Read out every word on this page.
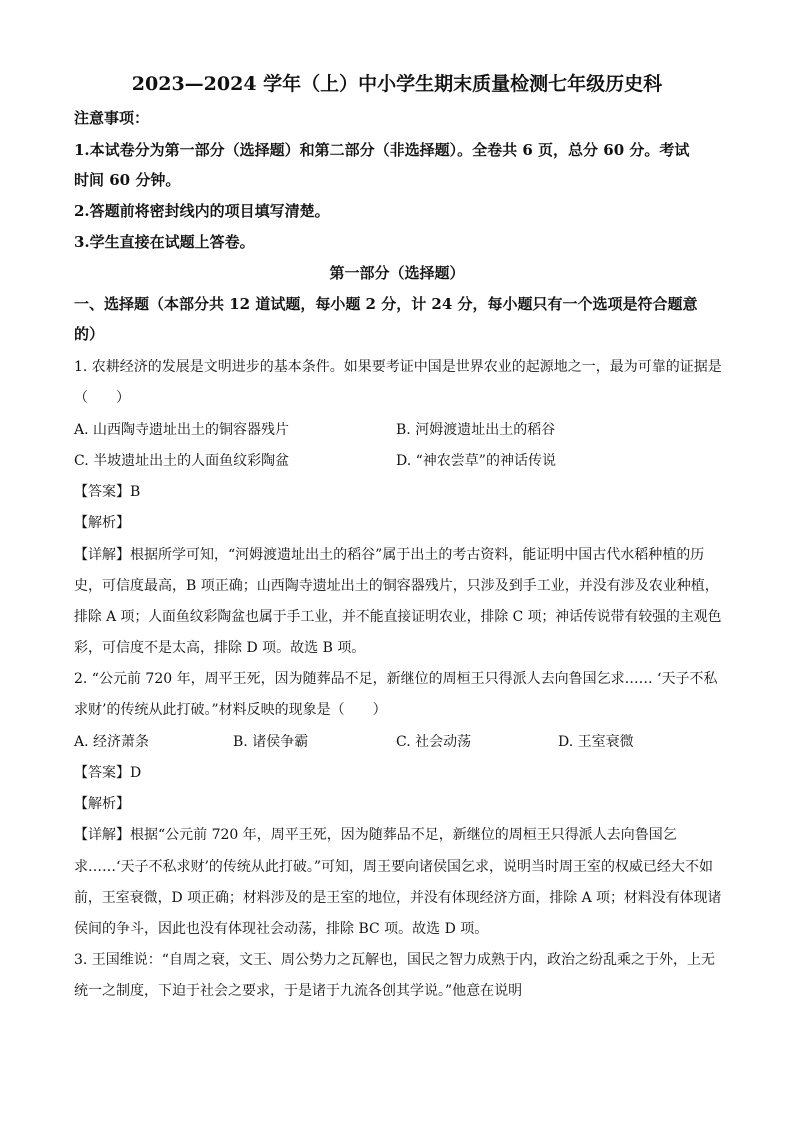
2023—2024 学年（上）中小学生期末质量检测七年级历史科
注意事项：
1.本试卷分为第一部分（选择题）和第二部分（非选择题）。全卷共 6 页，总分 60 分。考试
时间 60 分钟。
2.答题前将密封线内的项目填写清楚。
3.学生直接在试题上答卷。
第一部分（选择题）
一、选择题（本部分共 12 道试题，每小题 2 分，计 24 分，每小题只有一个选项是符合题意
的）
1. 农耕经济的发展是文明进步的基本条件。如果要考证中国是世界农业的起源地之一，最为可靠的证据是
（　　）
A. 山西陶寺遗址出土的铜容器残片	B. 河姆渡遗址出土的稻谷
C. 半坡遗址出土的人面鱼纹彩陶盆	D. “神农尝草”的神话传说
【答案】B
【解析】
【详解】根据所学可知，“河姆渡遗址出土的稻谷”属于出土的考古资料，能证明中国古代水稻种植的历
史，可信度最高，B 项正确；山西陶寺遗址出土的铜容器残片，只涉及到手工业，并没有涉及农业种植，
排除 A 项；人面鱼纹彩陶盆也属于手工业，并不能直接证明农业，排除 C 项；神话传说带有较强的主观色
彩，可信度不是太高，排除 D 项。故选 B 项。
2. “公元前 720 年，周平王死，因为随葬品不足，新继位的周桓王只得派人去向鲁国乞求…… ‘天子不私
求财’的传统从此打破。”材料反映的现象是（　　）
A. 经济萧条	B. 诸侯争霸	C. 社会动荡	D. 王室衰微
【答案】D
【解析】
【详解】根据“公元前 720 年，周平王死，因为随葬品不足，新继位的周桓王只得派人去向鲁国乞
求……‘天子不私求财’的传统从此打破。”可知，周王要向诸侯国乞求，说明当时周王室的权威已经大不如
前，王室衰微，D 项正确；材料涉及的是王室的地位，并没有体现经济方面，排除 A 项；材料没有体现诸
侯间的争斗，因此也没有体现社会动荡，排除 BC 项。故选 D 项。
3. 王国维说：“自周之衰，文王、周公势力之瓦解也，国民之智力成熟于内，政治之纷乱乘之于外，上无
统一之制度，下迫于社会之要求，于是诸于九流各创其学说。”他意在说明
